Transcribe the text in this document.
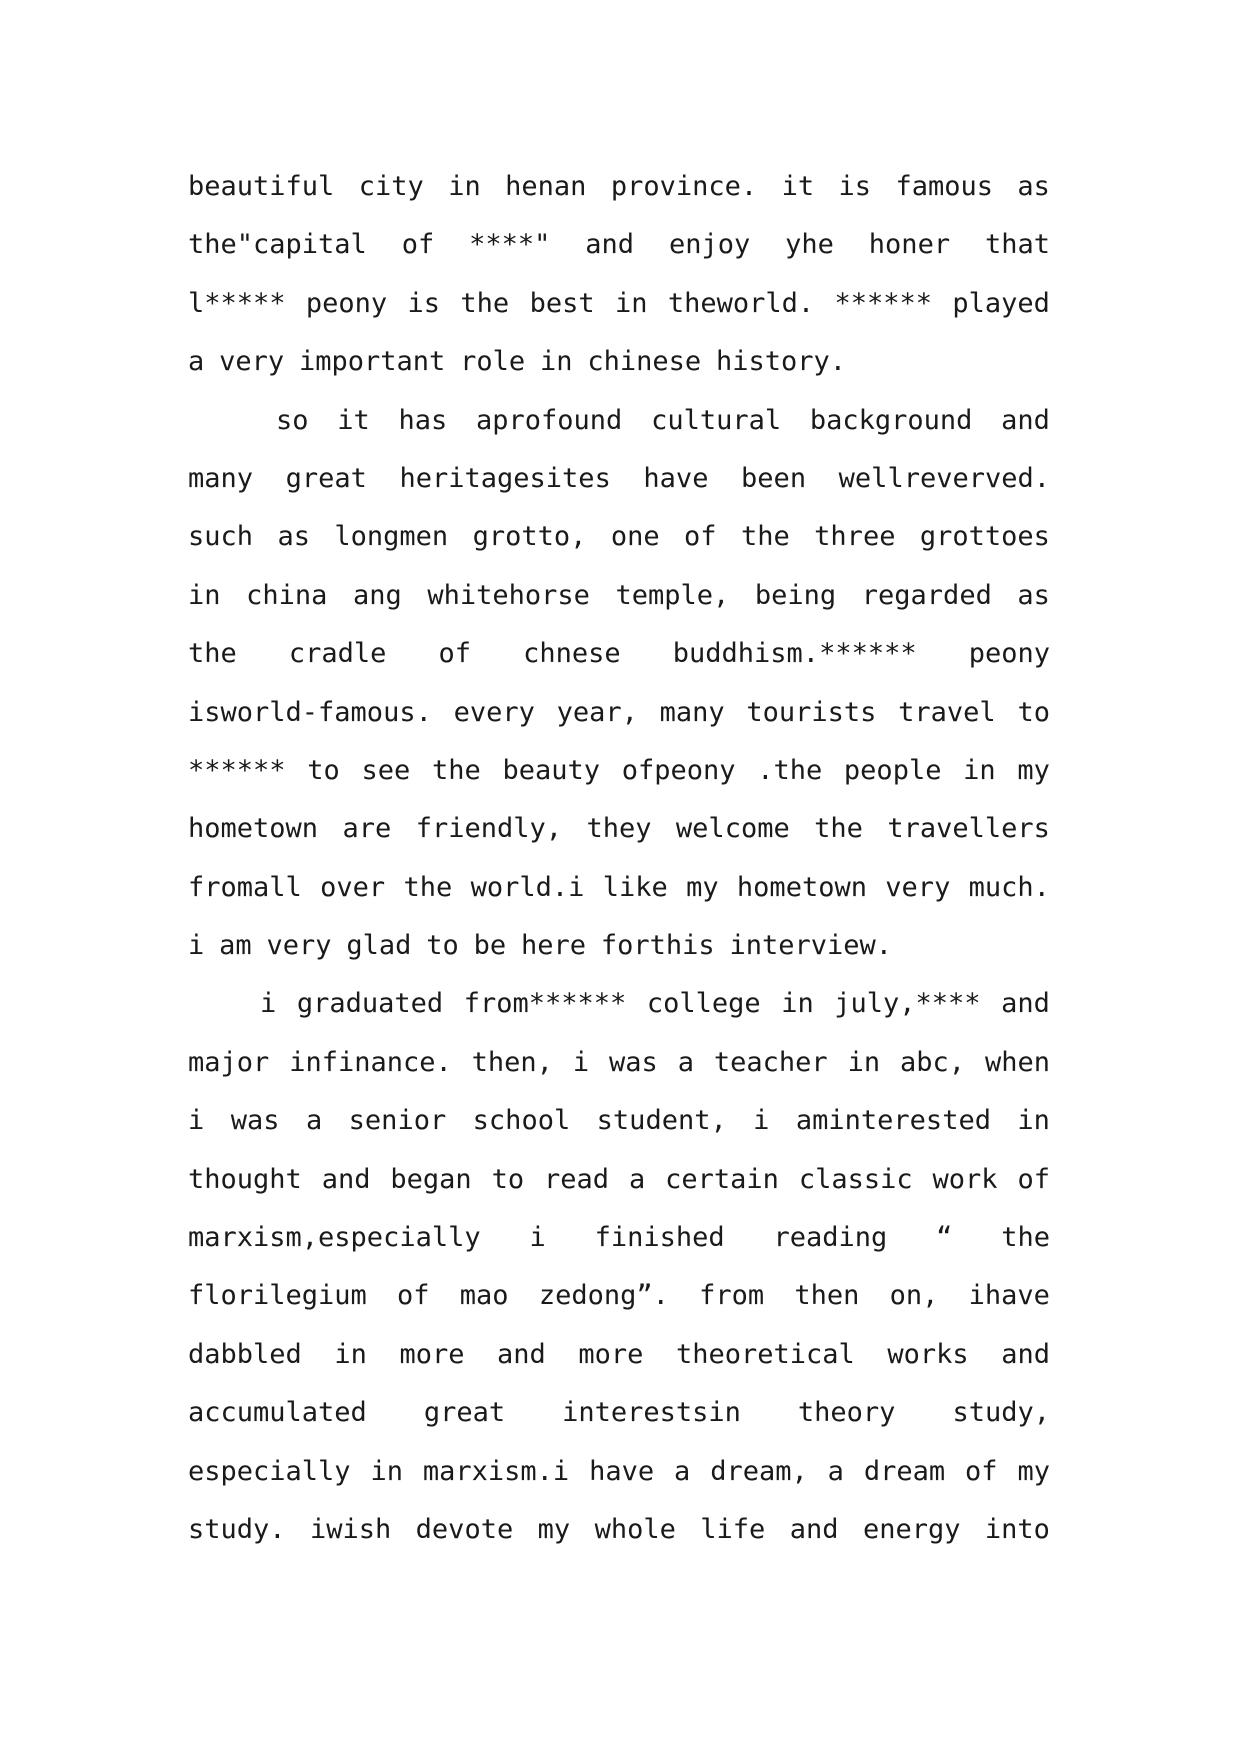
beautiful city in henan province. it is famous as
the"capital of ****" and enjoy yhe honer that
l***** peony is the best in theworld. ****** played
a very important role in chinese history.
so it has aprofound cultural background and
many great heritagesites have been wellreverved.
such as longmen grotto, one of the three grottoes
in china ang whitehorse temple, being regarded as
the cradle of chnese buddhism.****** peony
isworld-famous. every year, many tourists travel to
****** to see the beauty ofpeony .the people in my
hometown are friendly, they welcome the travellers
fromall over the world.i like my hometown very much.
i am very glad to be here forthis interview.
i graduated from****** college in july,**** and
major infinance. then, i was a teacher in abc, when
i was a senior school student, i aminterested in
thought and began to read a certain classic work of
marxism,especially i finished reading “ the
florilegium of mao zedong”. from then on, ihave
dabbled in more and more theoretical works and
accumulated great interestsin theory study,
especially in marxism.i have a dream, a dream of my
study. iwish devote my whole life and energy into
